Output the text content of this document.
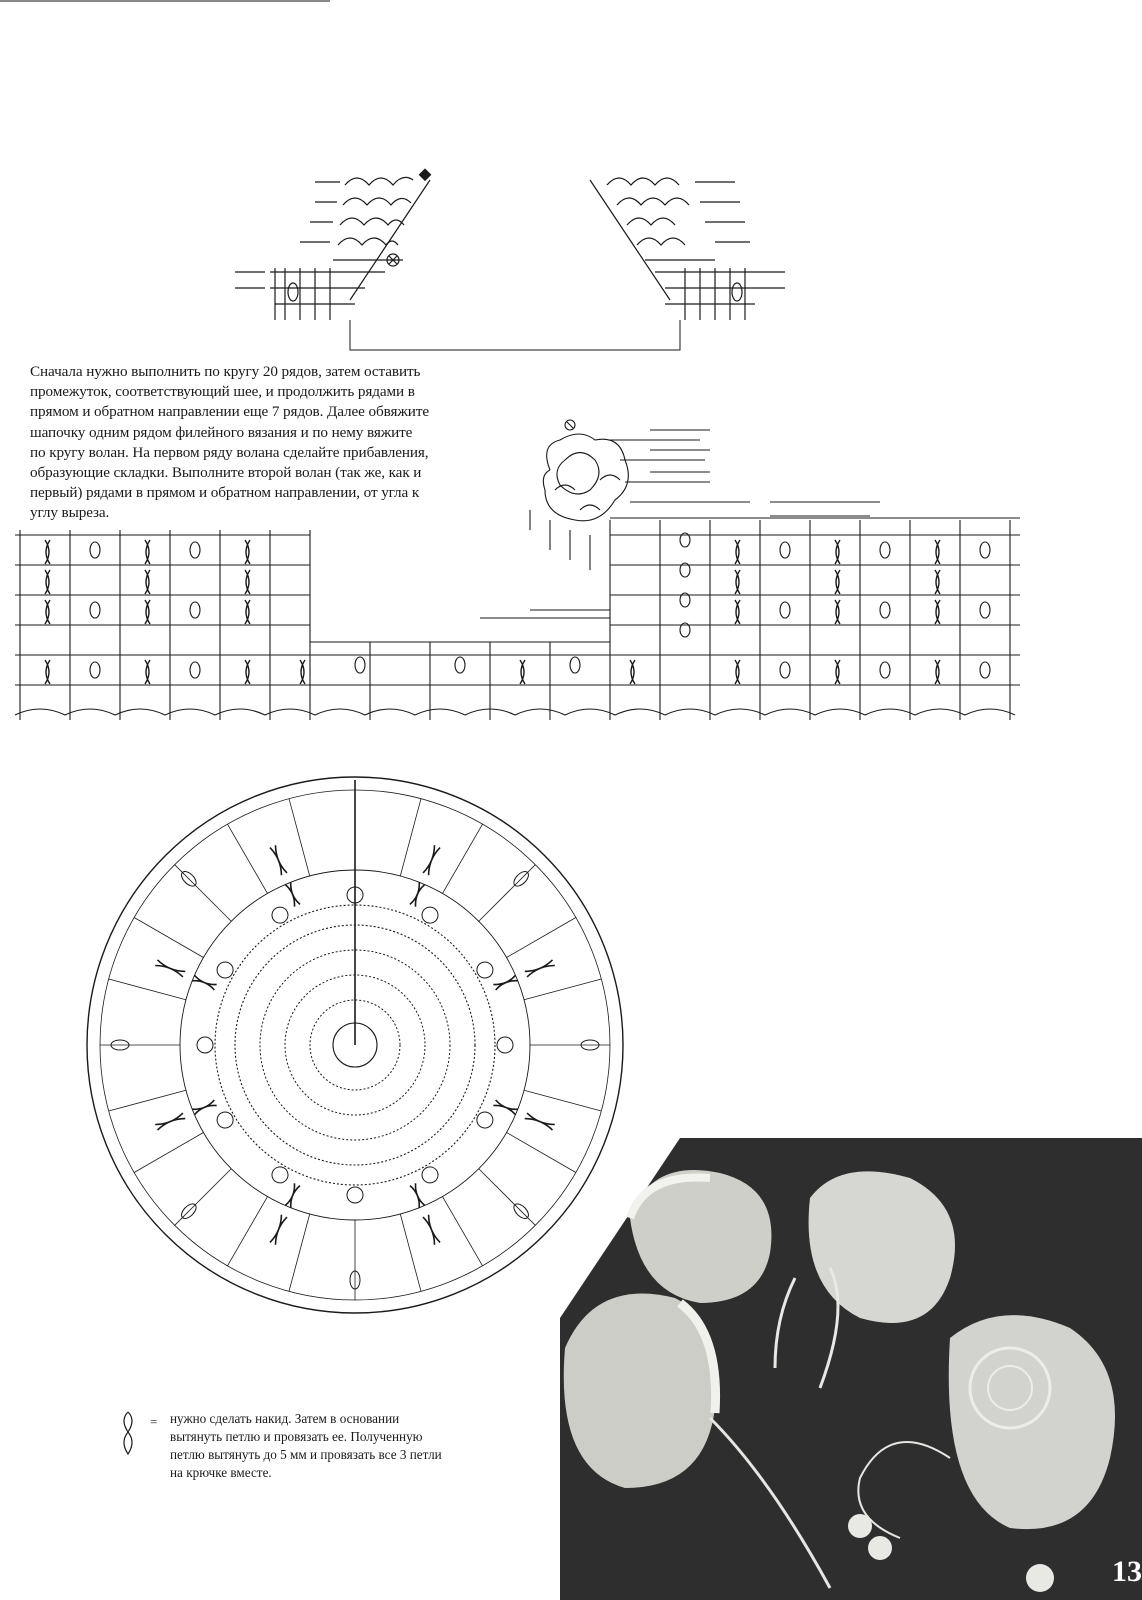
Сначала нужно выполнить по кругу 20 рядов, затем оставить
промежуток, соответствующий шее, и продолжить рядами в
прямом и обратном направлении еще 7 рядов. Далее обвяжите
шапочку одним рядом филейного вязания и по нему вяжите
по кругу волан. На первом ряду волана сделайте прибавления,
образующие складки. Выполните второй волан (так же, как и
первый) рядами в прямом и обратном направлении, от угла к
углу выреза.
= нужно сделать накид. Затем в основании
вытянуть петлю и провязать ее. Полученную
петлю вытянуть до 5 мм и провязать все 3 петли
на крючке вместе.
13
